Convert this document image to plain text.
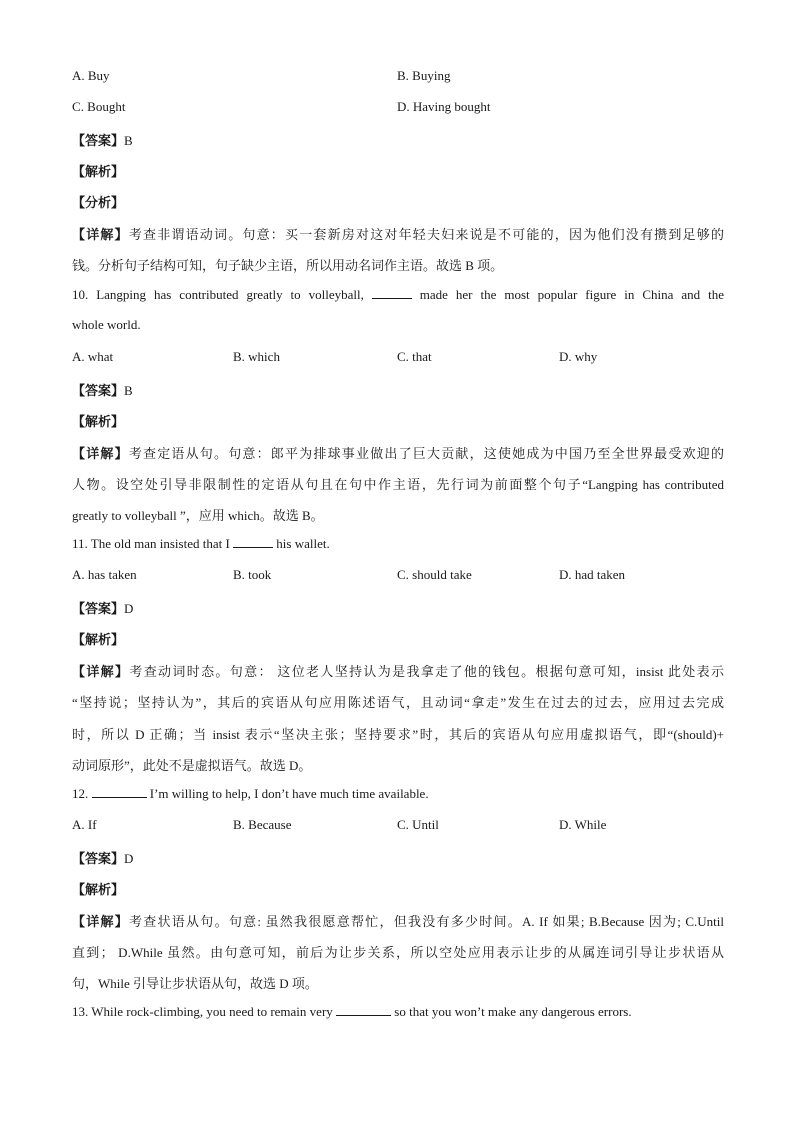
A. Buy	B. Buying
C. Bought	D. Having bought
【答案】B
【解析】
【分析】
【详解】考查非谓语动词。句意：买一套新房对这对年轻夫妇来说是不可能的，因为他们没有攒到足够的
钱。分析句子结构可知，句子缺少主语，所以用动名词作主语。故选 B 项。
10. Langping has contributed greatly to volleyball,	made her the most popular figure in China and the
whole world.
A. what	B. which	C. that	D. why
【答案】B
【解析】
【详解】考查定语从句。句意：郎平为排球事业做出了巨大贡献，这使她成为中国乃至全世界最受欢迎的
人物。设空处引导非限制性的定语从句且在句中作主语，先行词为前面整个句子“Langping has contributed
greatly to volleyball ”，应用 which。故选 B。
11. The old man insisted that I	his wallet.
A. has taken	B. took	C. should take	D. had taken
【答案】D
【解析】
【详解】考查动词时态。句意： 这位老人坚持认为是我拿走了他的钱包。根据句意可知，insist 此处表示
“坚持说；坚持认为”，其后的宾语从句应用陈述语气，且动词“拿走”发生在过去的过去，应用过去完成
时，所以 D 正确；当 insist 表示“坚决主张；坚持要求”时，其后的宾语从句应用虚拟语气，即“(should)+
动词原形”，此处不是虚拟语气。故选 D。
12.	I’m willing to help, I don’t have much time available.
A. If	B. Because	C. Until	D. While
【答案】D
【解析】
【详解】考查状语从句。句意: 虽然我很愿意帮忙，但我没有多少时间。A. If 如果; B.Because 因为; C.Until
直到； D.While 虽然。由句意可知，前后为让步关系，所以空处应用表示让步的从属连词引导让步状语从
句，While 引导让步状语从句，故选 D 项。
13. While rock-climbing, you need to remain very	so that you won’t make any dangerous errors.
